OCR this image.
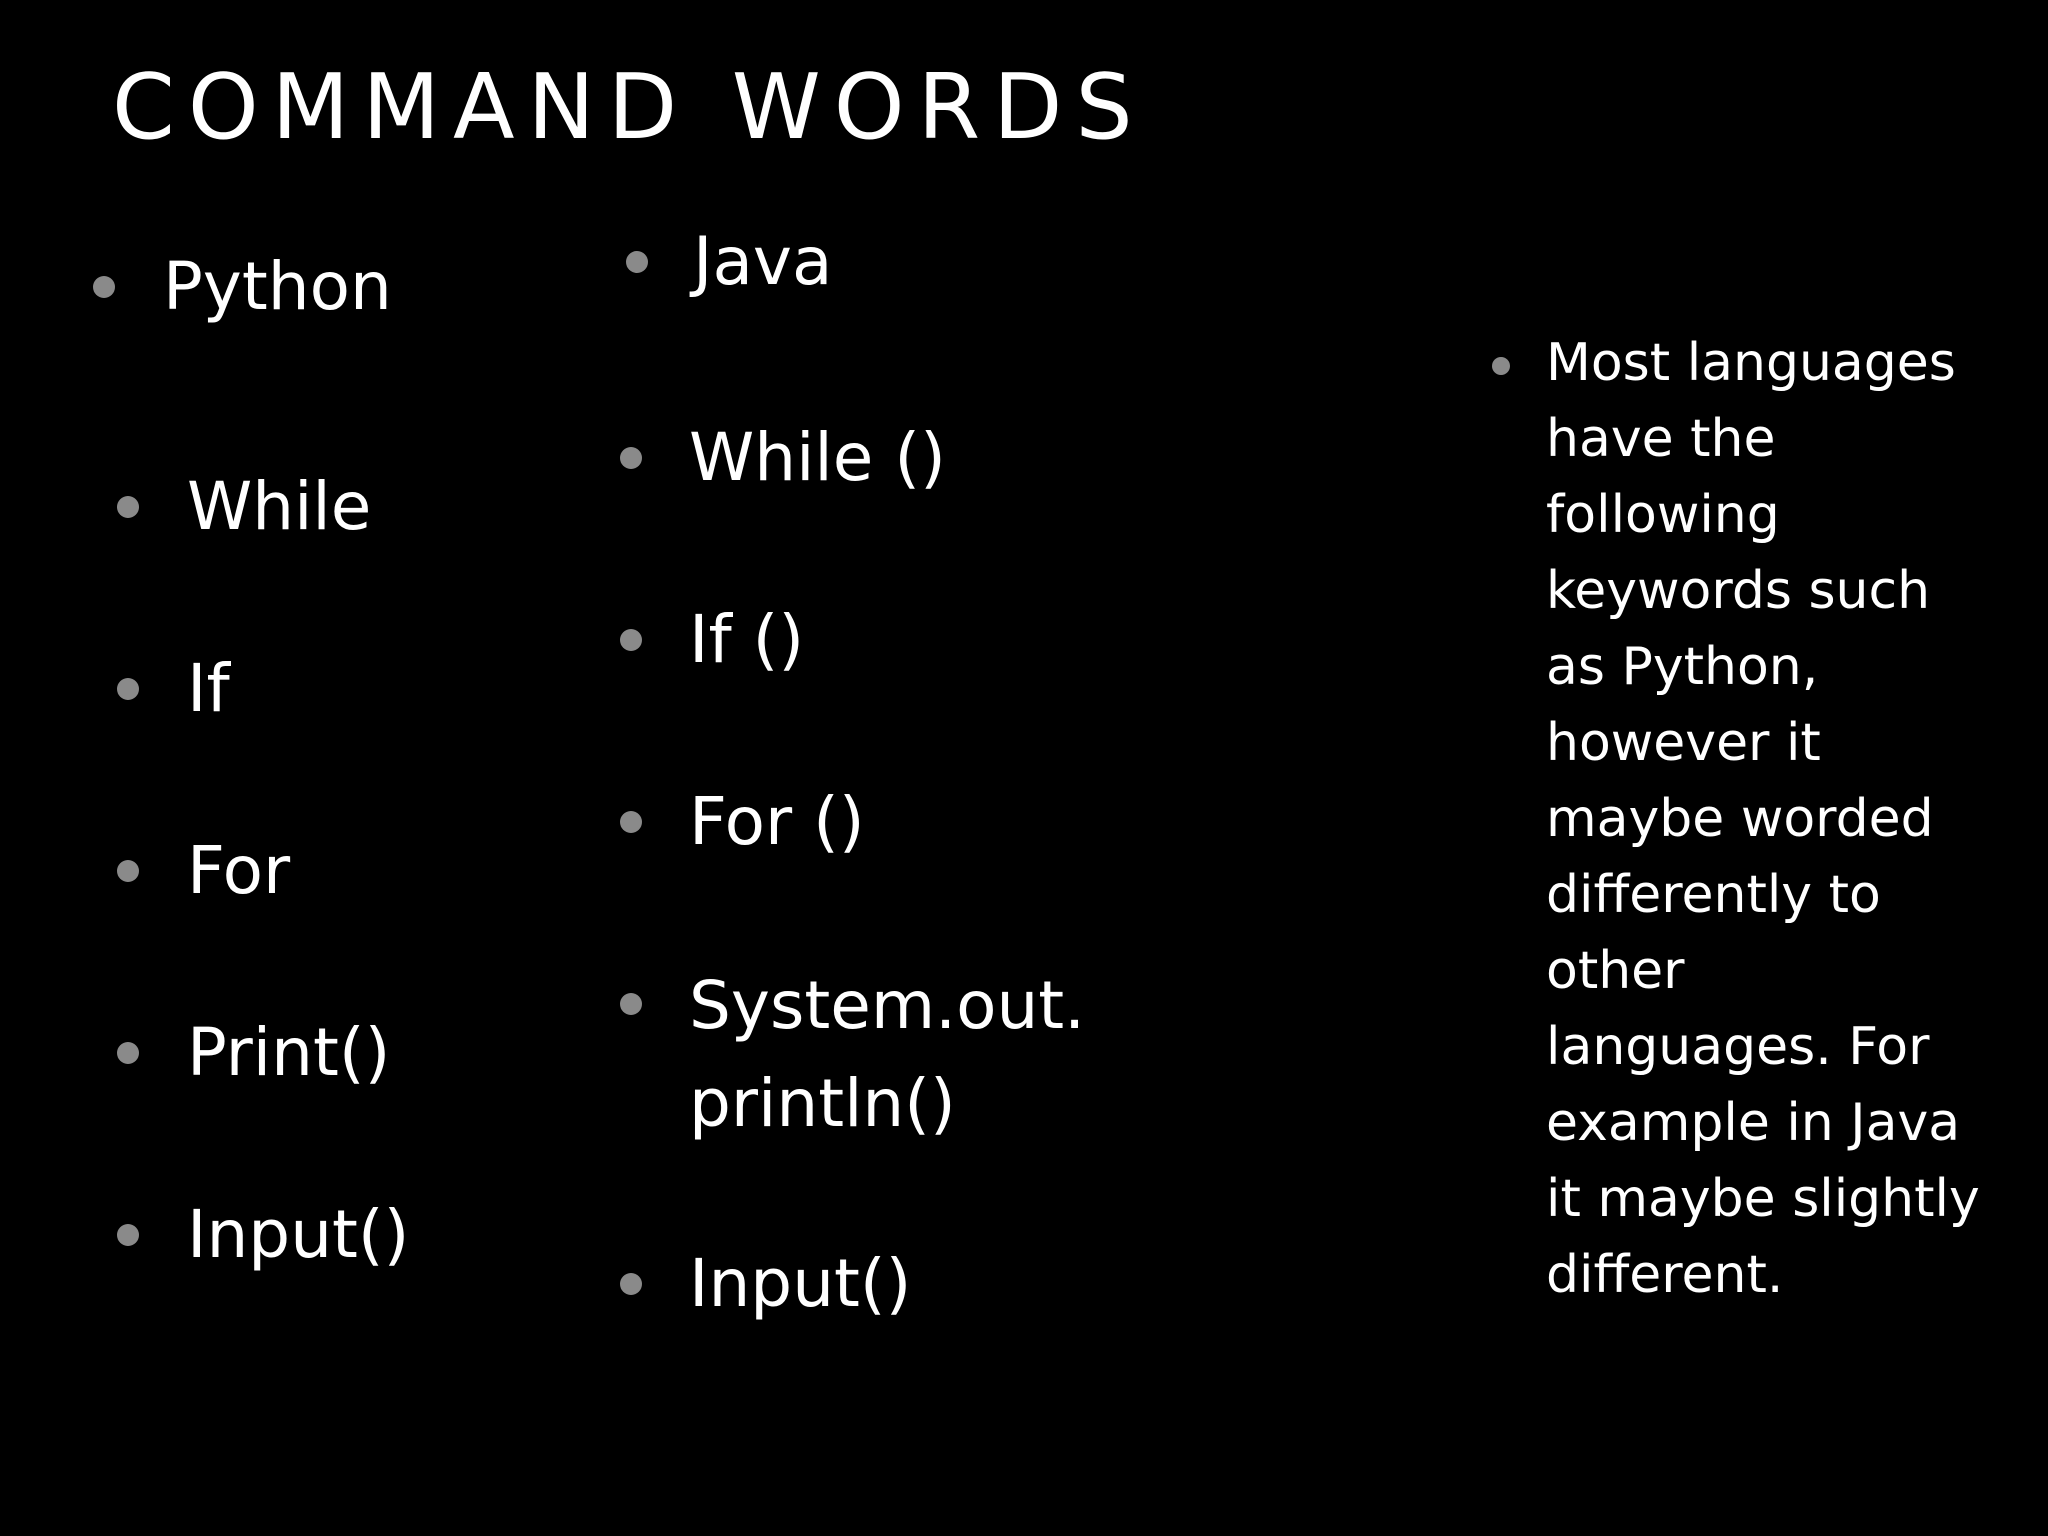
COMMAND WORDS
Python
While
If
For
Print()
Input()
Java
While ()
If ()
For ()
System.out. println()
Input()

Most languages have the following keywords such as Python, however it maybe worded differently to other languages. For example in Java it maybe slightly different.
